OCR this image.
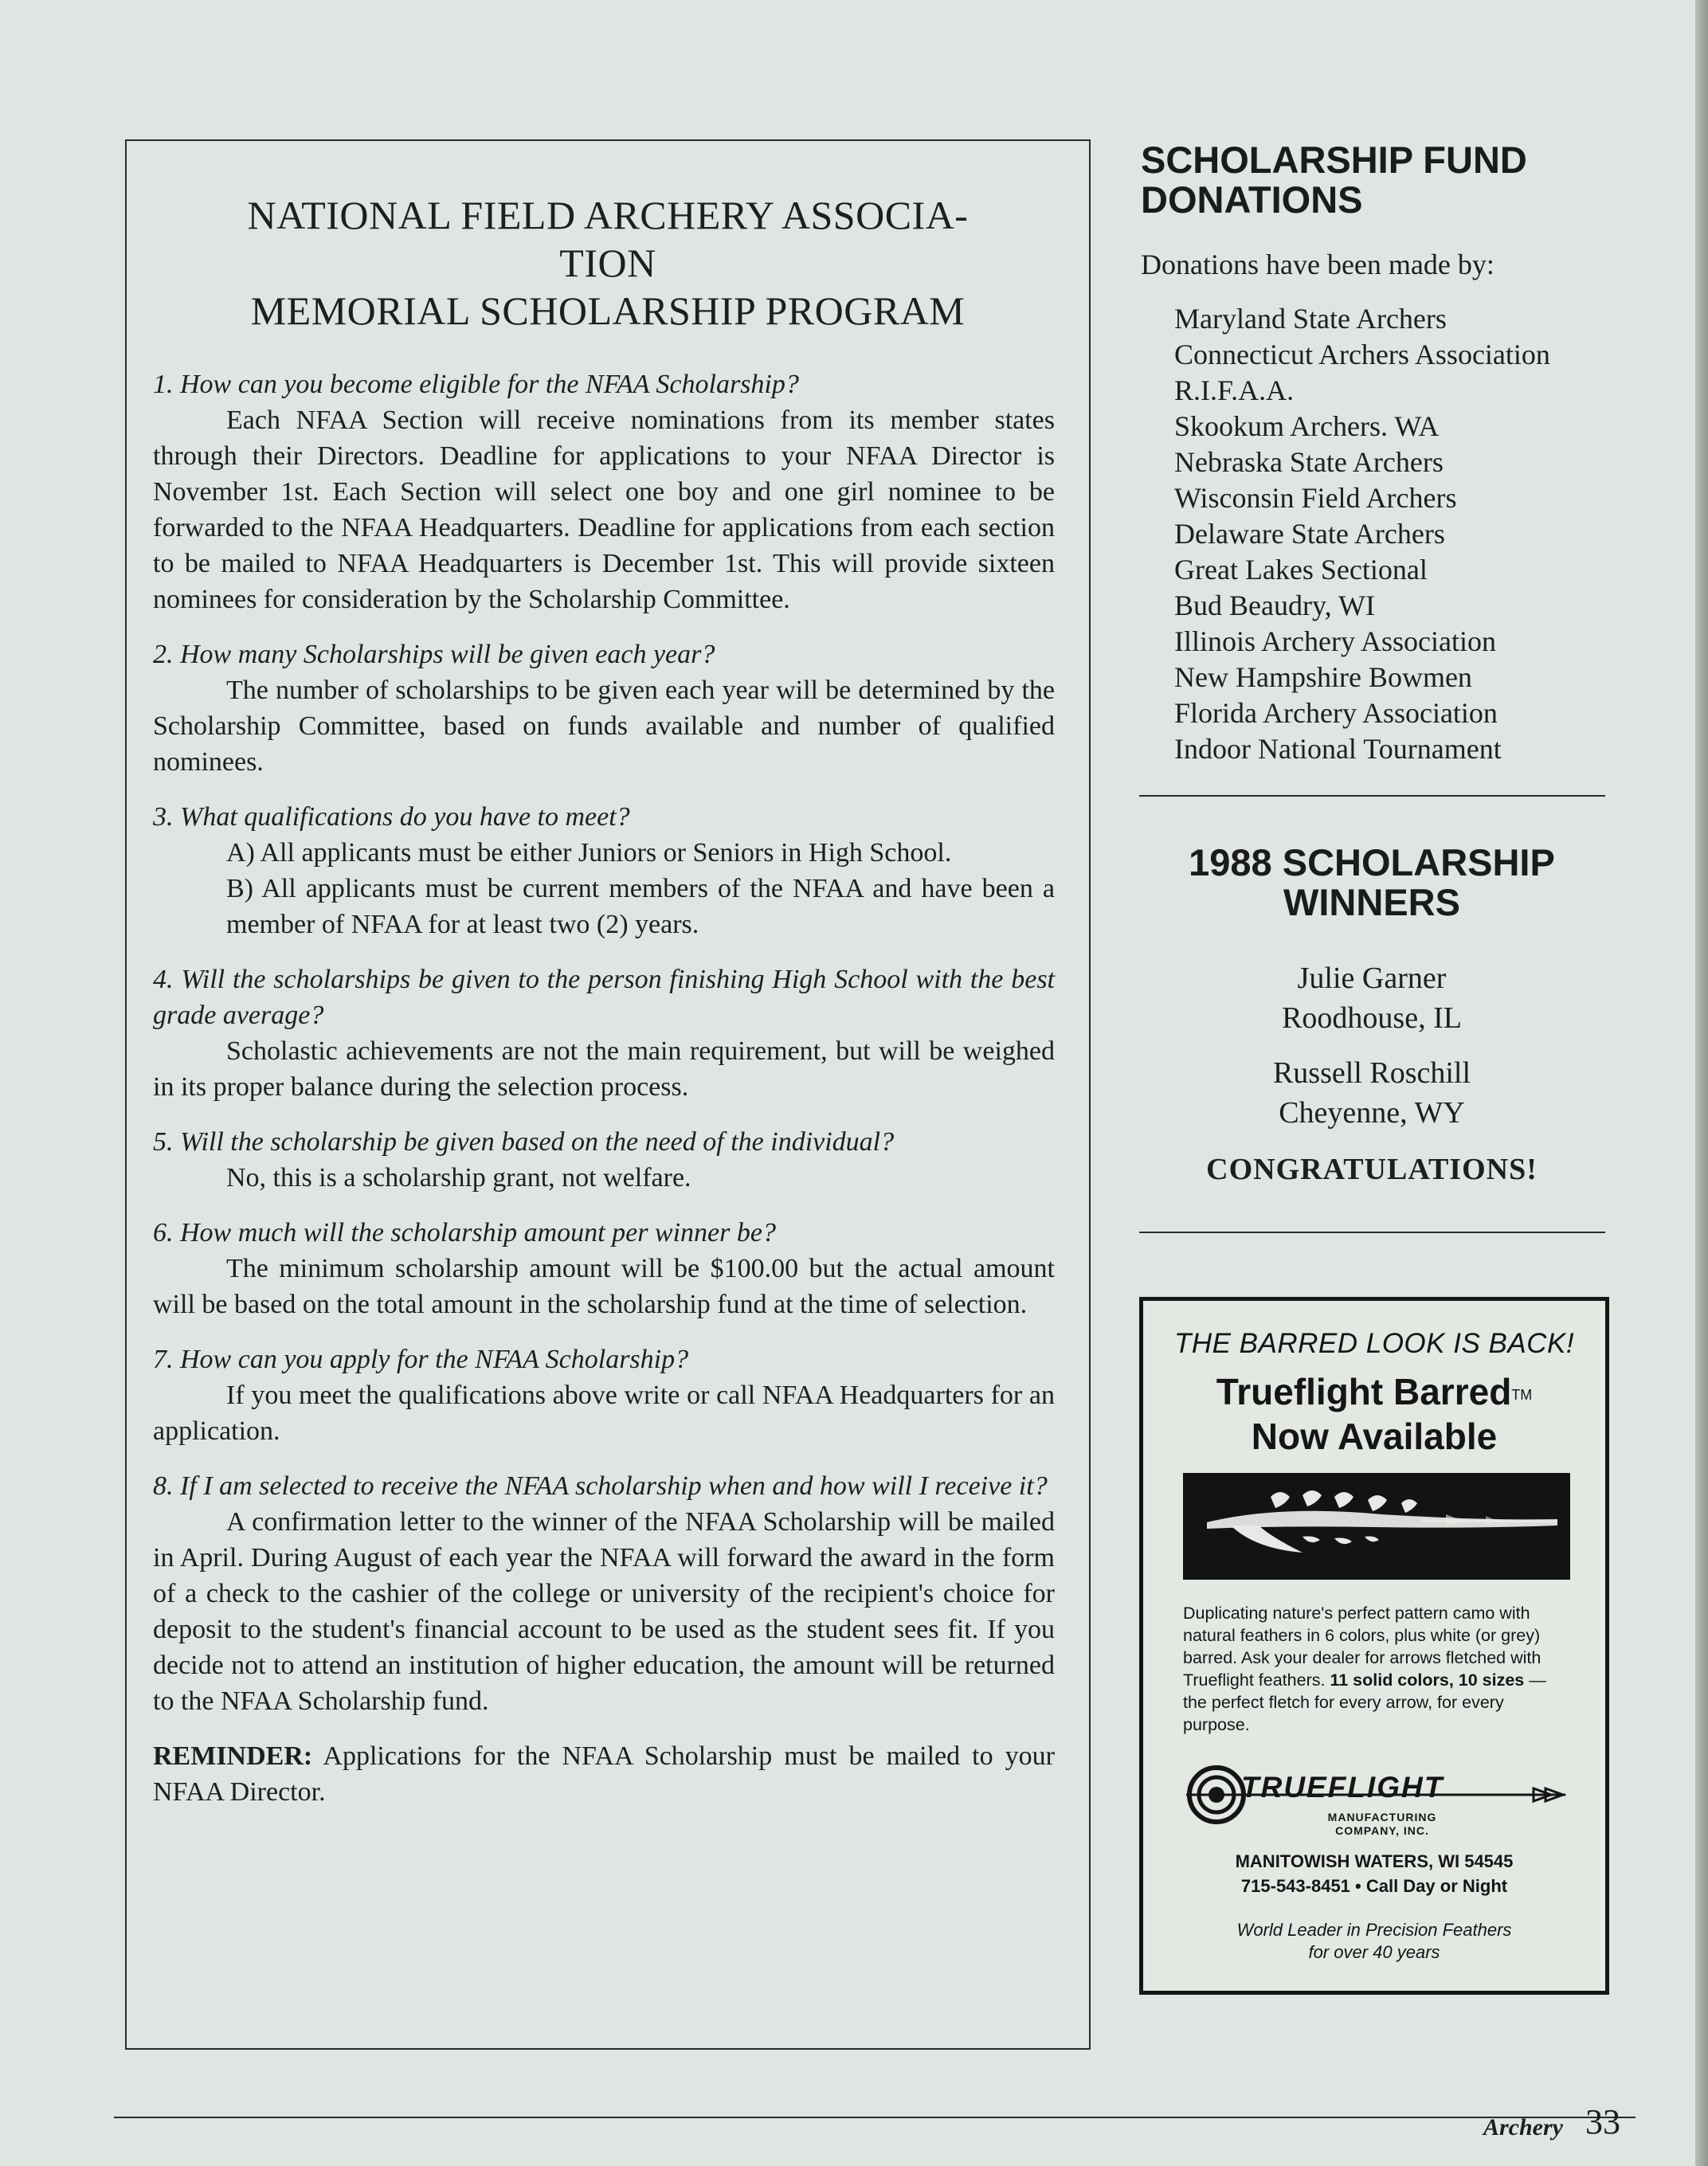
NATIONAL FIELD ARCHERY ASSOCIA-
TION
MEMORIAL SCHOLARSHIP PROGRAM
1. How can you become eligible for the NFAA Scholarship?
Each NFAA Section will receive nominations from its member states through their Directors. Deadline for applications to your NFAA Director is November 1st. Each Section will select one boy and one girl nominee to be forwarded to the NFAA Headquarters. Deadline for applications from each section to be mailed to NFAA Headquarters is December 1st. This will provide sixteen nominees for consideration by the Scholarship Committee.
2. How many Scholarships will be given each year?
The number of scholarships to be given each year will be determined by the Scholarship Committee, based on funds available and number of qualified nominees.
3. What qualifications do you have to meet?
A) All applicants must be either Juniors or Seniors in High School.
B) All applicants must be current members of the NFAA and have been a member of NFAA for at least two (2) years.
4. Will the scholarships be given to the person finishing High School with the best grade average?
Scholastic achievements are not the main requirement, but will be weighed in its proper balance during the selection process.
5. Will the scholarship be given based on the need of the individual?
No, this is a scholarship grant, not welfare.
6. How much will the scholarship amount per winner be?
The minimum scholarship amount will be $100.00 but the actual amount will be based on the total amount in the scholarship fund at the time of selection.
7. How can you apply for the NFAA Scholarship?
If you meet the qualifications above write or call NFAA Headquarters for an application.
8. If I am selected to receive the NFAA scholarship when and how will I receive it?
A confirmation letter to the winner of the NFAA Scholarship will be mailed in April. During August of each year the NFAA will forward the award in the form of a check to the cashier of the college or university of the recipient's choice for deposit to the student's financial account to be used as the student sees fit. If you decide not to attend an institution of higher education, the amount will be returned to the NFAA Scholarship fund.
REMINDER: Applications for the NFAA Scholarship must be mailed to your NFAA Director.
SCHOLARSHIP FUND
DONATIONS
Donations have been made by:
Maryland State Archers
Connecticut Archers Association
R.I.F.A.A.
Skookum Archers. WA
Nebraska State Archers
Wisconsin Field Archers
Delaware State Archers
Great Lakes Sectional
Bud Beaudry, WI
Illinois Archery Association
New Hampshire Bowmen
Florida Archery Association
Indoor National Tournament
1988 SCHOLARSHIP
WINNERS
Julie Garner
Roodhouse, IL
Russell Roschill
Cheyenne, WY
CONGRATULATIONS!
THE BARRED LOOK IS BACK!
Trueflight Barred™
Now Available
Duplicating nature's perfect pattern camo with natural feathers in 6 colors, plus white (or grey) barred. Ask your dealer for arrows fletched with Trueflight feathers. 11 solid colors, 10 sizes — the perfect fletch for every arrow, for every purpose.
TRUEFLIGHT
MANUFACTURING
COMPANY, INC.
MANITOWISH WATERS, WI 54545
715-543-8451 • Call Day or Night
World Leader in Precision Feathers
for over 40 years
Archery 33
